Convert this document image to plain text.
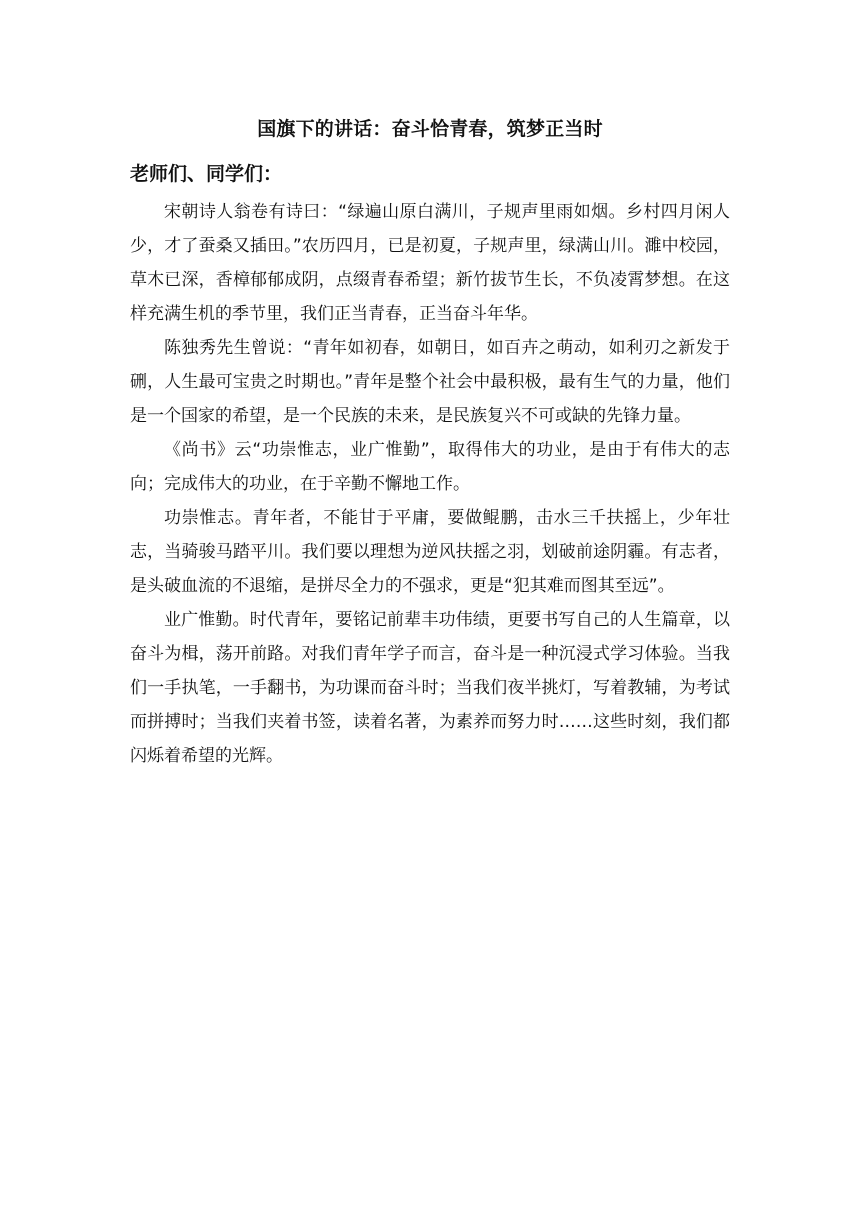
国旗下的讲话：奋斗恰青春，筑梦正当时
老师们、同学们：

宋朝诗人翁卷有诗曰：“绿遍山原白满川，子规声里雨如烟。乡村四月闲人少，才了蚕桑又插田。”农历四月，已是初夏，子规声里，绿满山川。濉中校园，草木已深，香樟郁郁成阴，点缀青春希望；新竹拔节生长，不负凌霄梦想。在这样充满生机的季节里，我们正当青春，正当奋斗年华。

陈独秀先生曾说：“青年如初春，如朝日，如百卉之萌动，如利刃之新发于硎，人生最可宝贵之时期也。”青年是整个社会中最积极，最有生气的力量，他们是一个国家的希望，是一个民族的未来，是民族复兴不可或缺的先锋力量。

《尚书》云“功崇惟志，业广惟勤”，取得伟大的功业，是由于有伟大的志向；完成伟大的功业，在于辛勤不懈地工作。

功崇惟志。青年者，不能甘于平庸，要做鲲鹏，击水三千扶摇上，少年壮志，当骑骏马踏平川。我们要以理想为逆风扶摇之羽，划破前途阴霾。有志者，是头破血流的不退缩，是拼尽全力的不强求，更是“犯其难而图其至远”。

业广惟勤。时代青年，要铭记前辈丰功伟绩，更要书写自己的人生篇章，以奋斗为楫，荡开前路。对我们青年学子而言，奋斗是一种沉浸式学习体验。当我们一手执笔，一手翻书，为功课而奋斗时；当我们夜半挑灯，写着教辅，为考试而拼搏时；当我们夹着书签，读着名著，为素养而努力时……这些时刻，我们都闪烁着希望的光辉。
